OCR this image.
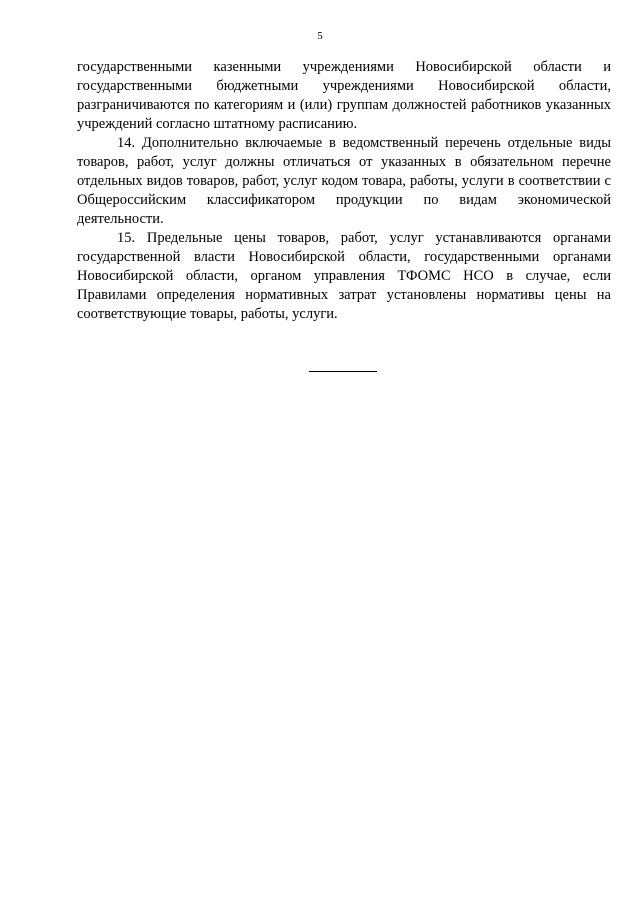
5

государственными казенными учреждениями Новосибирской области и государственными бюджетными учреждениями Новосибирской области, разграничиваются по категориям и (или) группам должностей работников указанных учреждений согласно штатному расписанию.

14. Дополнительно включаемые в ведомственный перечень отдельные виды товаров, работ, услуг должны отличаться от указанных в обязательном перечне отдельных видов товаров, работ, услуг кодом товара, работы, услуги в соответствии с Общероссийским классификатором продукции по видам экономической деятельности.

15. Предельные цены товаров, работ, услуг устанавливаются органами государственной власти Новосибирской области, государственными органами Новосибирской области, органом управления ТФОМС НСО в случае, если Правилами определения нормативных затрат установлены нормативы цены на соответствующие товары, работы, услуги.
